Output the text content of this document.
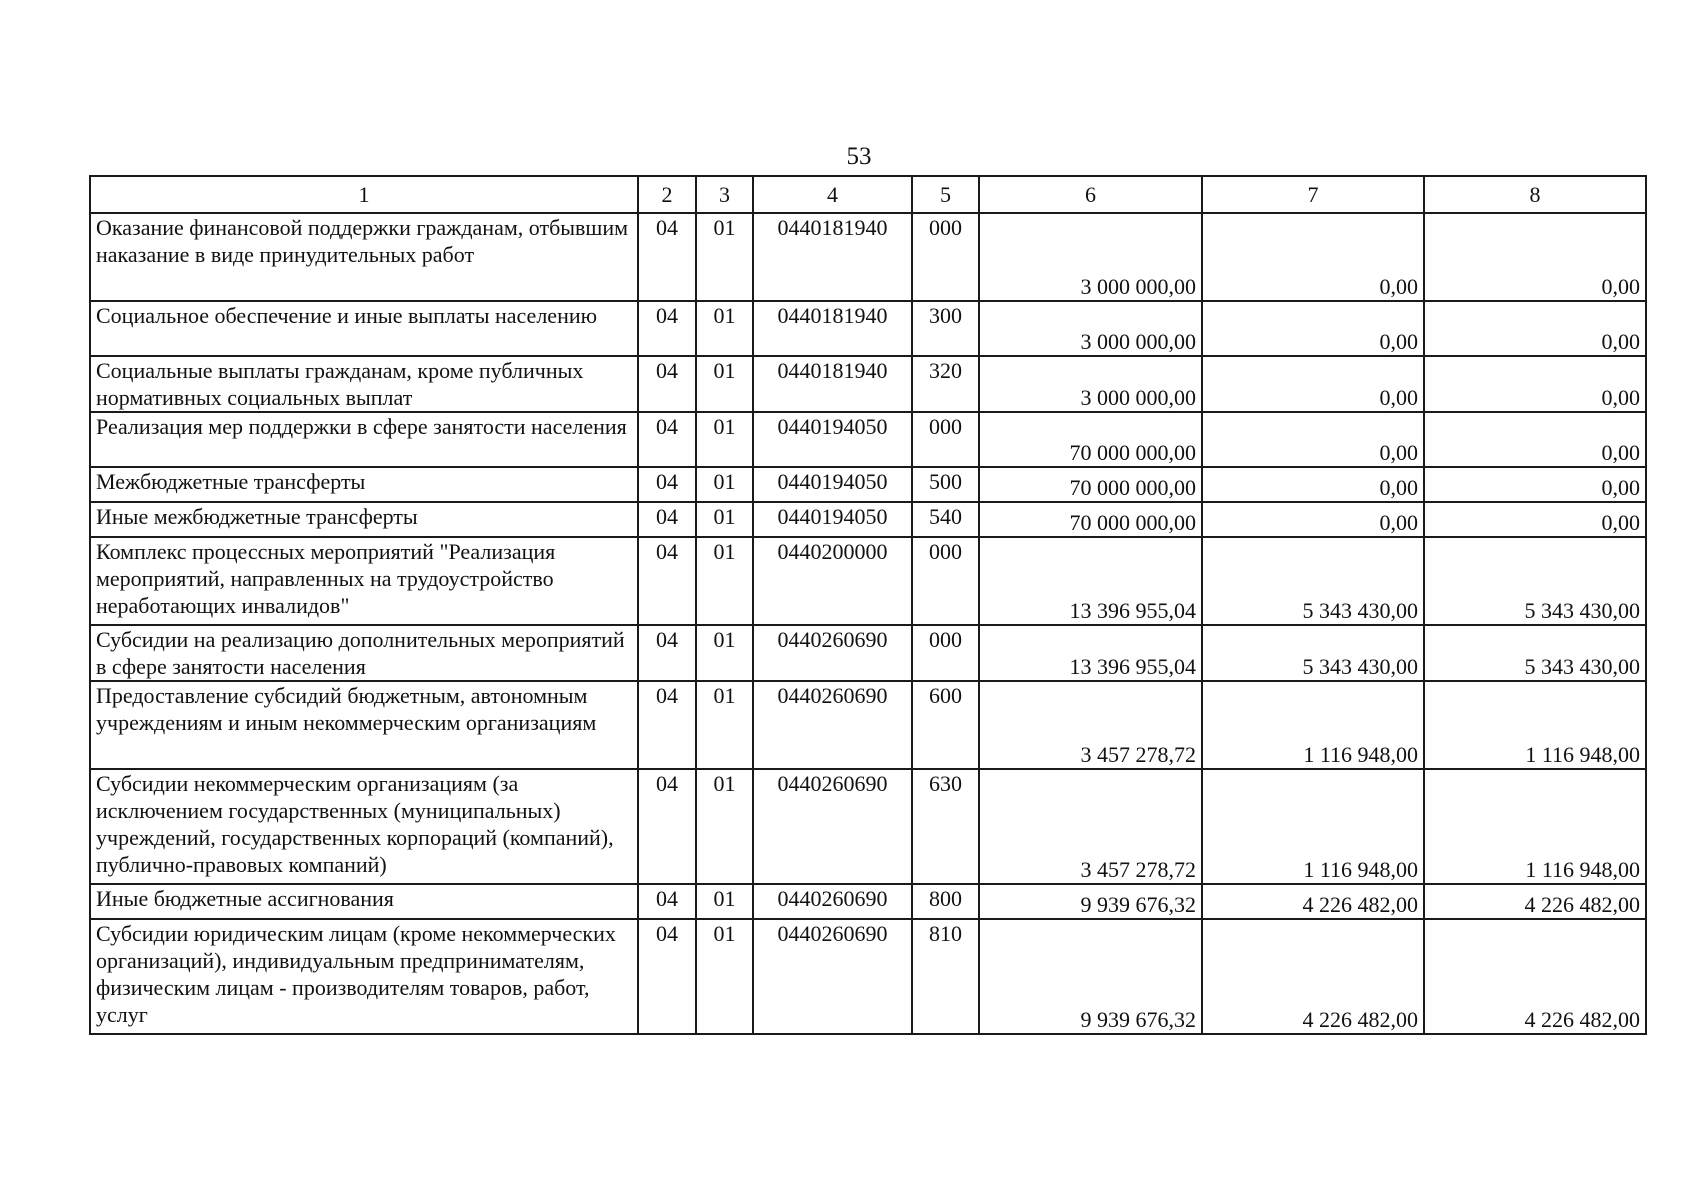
53
1	2	3	4	5	6	7	8
Оказание финансовой поддержки гражданам, отбывшим наказание в виде принудительных работ	04	01	0440181940	000	3 000 000,00	0,00	0,00
Социальное обеспечение и иные выплаты населению	04	01	0440181940	300	3 000 000,00	0,00	0,00
Социальные выплаты гражданам, кроме публичных нормативных социальных выплат	04	01	0440181940	320	3 000 000,00	0,00	0,00
Реализация мер поддержки в сфере занятости населения	04	01	0440194050	000	70 000 000,00	0,00	0,00
Межбюджетные трансферты	04	01	0440194050	500	70 000 000,00	0,00	0,00
Иные межбюджетные трансферты	04	01	0440194050	540	70 000 000,00	0,00	0,00
Комплекс процессных мероприятий "Реализация мероприятий, направленных на трудоустройство неработающих инвалидов"	04	01	0440200000	000	13 396 955,04	5 343 430,00	5 343 430,00
Субсидии на реализацию дополнительных мероприятий в сфере занятости населения	04	01	0440260690	000	13 396 955,04	5 343 430,00	5 343 430,00
Предоставление субсидий бюджетным, автономным учреждениям и иным некоммерческим организациям	04	01	0440260690	600	3 457 278,72	1 116 948,00	1 116 948,00
Субсидии некоммерческим организациям (за исключением государственных (муниципальных) учреждений, государственных корпораций (компаний), публично-правовых компаний)	04	01	0440260690	630	3 457 278,72	1 116 948,00	1 116 948,00
Иные бюджетные ассигнования	04	01	0440260690	800	9 939 676,32	4 226 482,00	4 226 482,00
Субсидии юридическим лицам (кроме некоммерческих организаций), индивидуальным предпринимателям, физическим лицам - производителям товаров, работ, услуг	04	01	0440260690	810	9 939 676,32	4 226 482,00	4 226 482,00
